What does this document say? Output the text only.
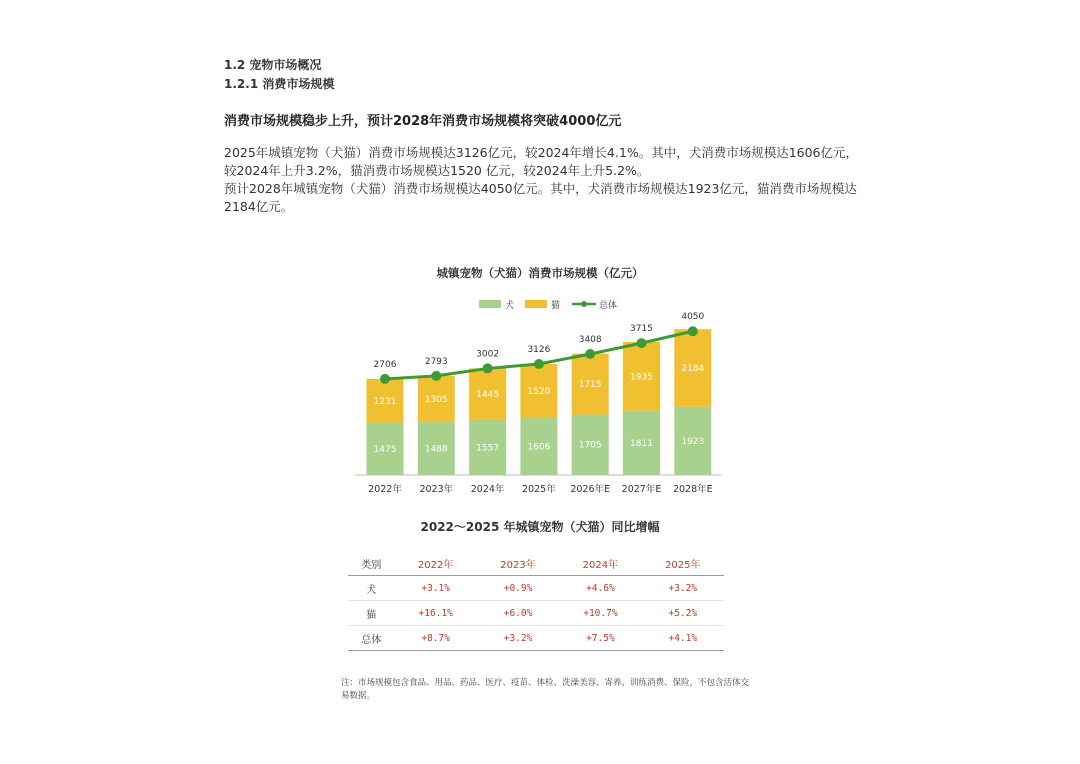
1.2 宠物市场概况
1.2.1 消费市场规模
消费市场规模稳步上升，预计2028年消费市场规模将突破4000亿元

2025年城镇宠物（犬猫）消费市场规模达3126亿元，较2024年增长4.1%。其中，犬消费市场规模达1606亿元，较2024年上升3.2%，猫消费市场规模达1520 亿元，较2024年上升5.2%。

预计2028年城镇宠物（犬猫）消费市场规模达4050亿元。其中，犬消费市场规模达1923亿元，猫消费市场规模达2184亿元。

城镇宠物（犬猫）消费市场规模（亿元）
犬	猫	总体
1475
1231
2022年
2706
1488
1305
2023年
2793
1557
1445
2024年
3002
1606
1520
2025年
3126
1705
1715
2026年E
3408
1811
1935
2027年E
3715
1923
2184
2028年E
4050
2022～2025 年城镇宠物（犬猫）同比增幅
类别	2022年	2023年	2024年	2025年
犬	+3.1%	+0.9%	+4.6%	+3.2%
猫	+16.1%	+6.0%	+10.7%	+5.2%
总体	+8.7%	+3.2%	+7.5%	+4.1%
注：市场规模包含食品、用品、药品、医疗、疫苗、体检、洗澡美容、寄养、训练消费、保险，不包含活体交易数据。
